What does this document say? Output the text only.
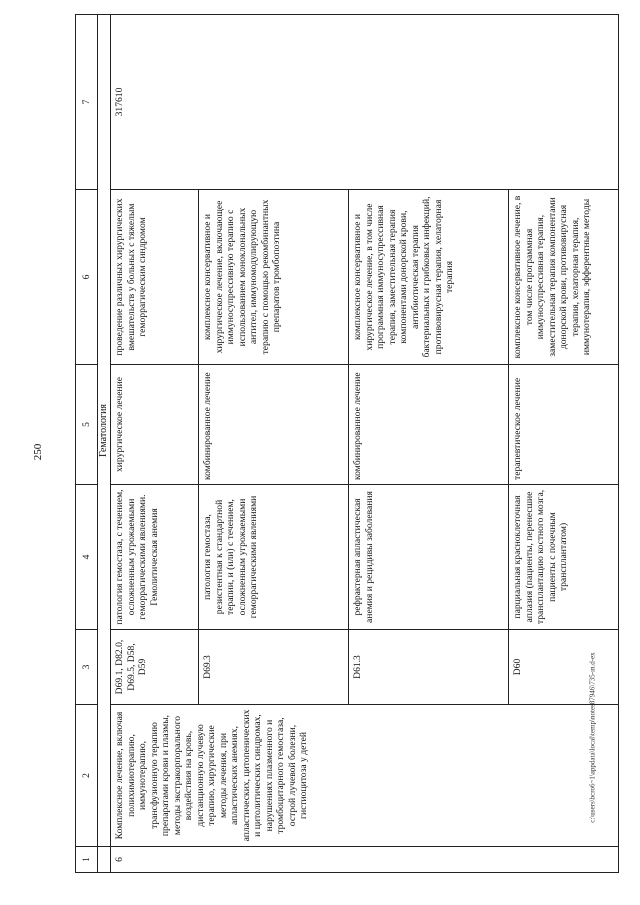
250
c:\users\bcro6~1\appdata\local\temp\notes87946\735-ın.d-ex
1	2	3	4	5	6	7
	Гематология					
6	Комплексное лечение, включая полихимиотерапию, иммунотерапию, трансфузионную терапию препаратами крови и плазмы, методы экстракорпорального воздействия на кровь, дистанционную лучевую терапию, хирургические методы лечения, при апластических анемиях, апластических, цитопенических и цитолитических синдромах, нарушениях плазменного и тромбоцитарного гемостаза, острой лучевой болезни, гистиоцитоза у детей	D69.1, D82.0, D69.5, D58, D59	патология гемостаза, с течением, осложненным угрожаемыми геморрагическими явлениями. Гемолитическая анемия	хирургическое лечение	проведение различных хирургических вмешательств у больных с тяжелым геморрагическим синдромом	317610
		D69.3	патология гемостаза, резистентная к стандартной терапии, и (или) с течением, осложненным угрожаемыми геморрагическими явлениями	комбинированное лечение	комплексное консервативное и хирургическое лечение, включающее иммуносупрессивную терапию с использованием моноклональных антител, иммуномодулирующую терапию с помощью рекомбинантных препаратов тромбопоэтина	
		D61.3	рефрактерная апластическая анемия и рецидивы заболевания	комбинированное лечение	комплексное консервативное и хирургическое лечение, в том числе программная иммуносупрессивная терапия, заместительная терапия компонентами донорской крови, антибиотическая терапия бактериальных и грибковых инфекций, противовирусная терапия, хелаторная терапия	
		D60	парциальная красноклеточная аплазия (пациенты, перенесшие трансплантацию костного мозга, пациенты с почечным трансплантатом)	терапевтическое лечение	комплексное консервативное лечение, в том числе программная иммуносупрессивная терапия, заместительная терапия компонентами донорской крови, противовирусная терапия, хелаторная терапия, иммунотерапия, эфферентные методы	
